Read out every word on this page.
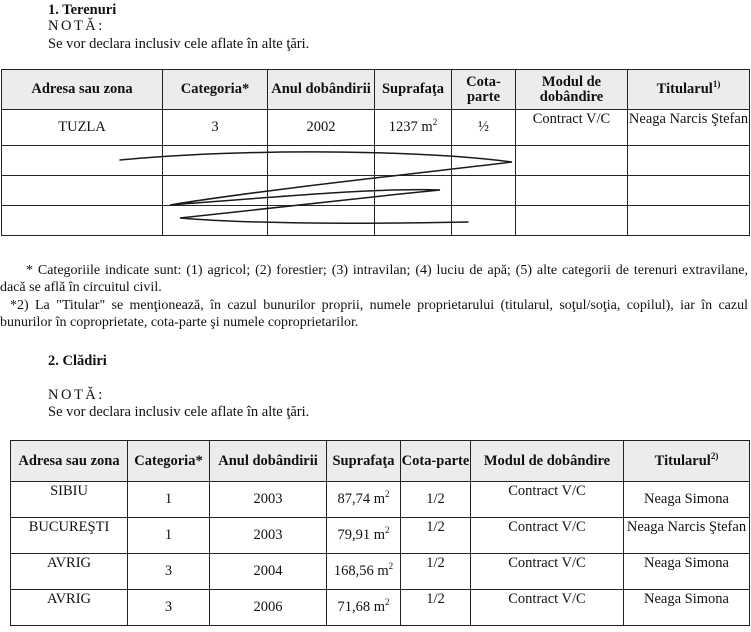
1. Terenuri
NOTĂ:
Se vor declara inclusiv cele aflate în alte ţări.
Adresa sau zona	Categoria*	Anul dobândirii	Suprafaţa	Cota-parte	Modul de dobândire	Titularul$^{1)}$
TUZLA	3	2002	1237 $m^2$	½	Contract V/C	Neaga Narcis Ştefan

* Categoriile indicate sunt: (1) agricol; (2) forestier; (3) intravilan; (4) luciu de apă; (5) alte categorii de terenuri extravilane, dacă se află în circuitul civil.
*2) La "Titular" se menţionează, în cazul bunurilor proprii, numele proprietarului (titularul, soţul/soţia, copilul), iar în cazul bunurilor în coproprietate, cota-parte şi numele coproprietarilor.
2. Clădiri
NOTĂ:
Se vor declara inclusiv cele aflate în alte ţări.
Adresa sau zona	Categoria*	Anul dobândirii	Suprafaţa	Cota-parte	Modul de dobândire	Titularul$^{2)}$
SIBIU	1	2003	87,74 $m^2$	1/2	Contract V/C	Neaga Simona
BUCUREŞTI	1	2003	79,91 $m^2$	1/2	Contract V/C	Neaga Narcis Ştefan
AVRIG	3	2004	168,56 $m^2$	1/2	Contract V/C	Neaga Simona
AVRIG	3	2006	71,68 $m^2$	1/2	Contract V/C	Neaga Simona
